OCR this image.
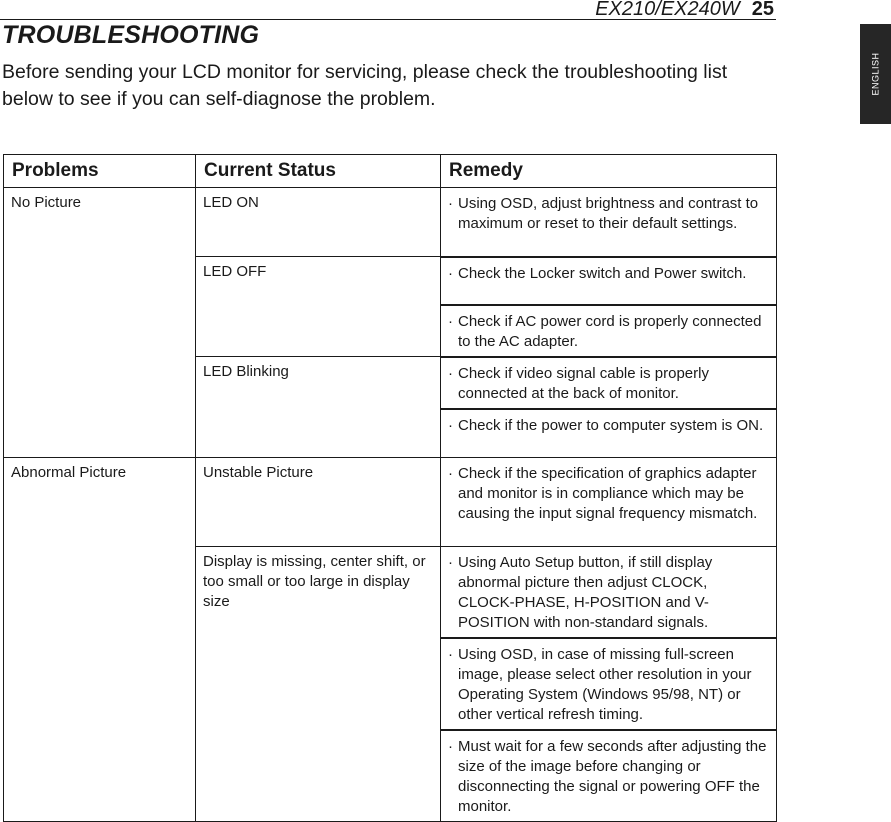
EX210/EX240W 25
ENGLISH
TROUBLESHOOTING

Before sending your LCD monitor for servicing, please check the troubleshooting list below to see if you can self-diagnose the problem.

Problems	Current Status	Remedy
No Picture	LED ON	· Using OSD, adjust brightness and contrast to maximum or reset to their default settings.
	LED OFF	· Check the Locker switch and Power switch.

		· Check if AC power cord is properly connected to the AC adapter.
	LED Blinking	· Check if video signal cable is properly connected at the back of monitor.

		· Check if the power to computer system is ON.
Abnormal Picture	Unstable Picture	· Check if the specification of graphics adapter and monitor is in compliance which may be causing the input signal frequency mismatch.
	Display is missing, center shift, or too small or too large in display size	· Using Auto Setup button, if still display abnormal picture then adjust CLOCK, CLOCK-PHASE, H-POSITION and V-POSITION with non-standard signals.

		· Using OSD, in case of missing full-screen image, please select other resolution in your Operating System (Windows 95/98, NT) or other vertical refresh timing.

		· Must wait for a few seconds after adjusting the size of the image before changing or disconnecting the signal or powering OFF the monitor.
